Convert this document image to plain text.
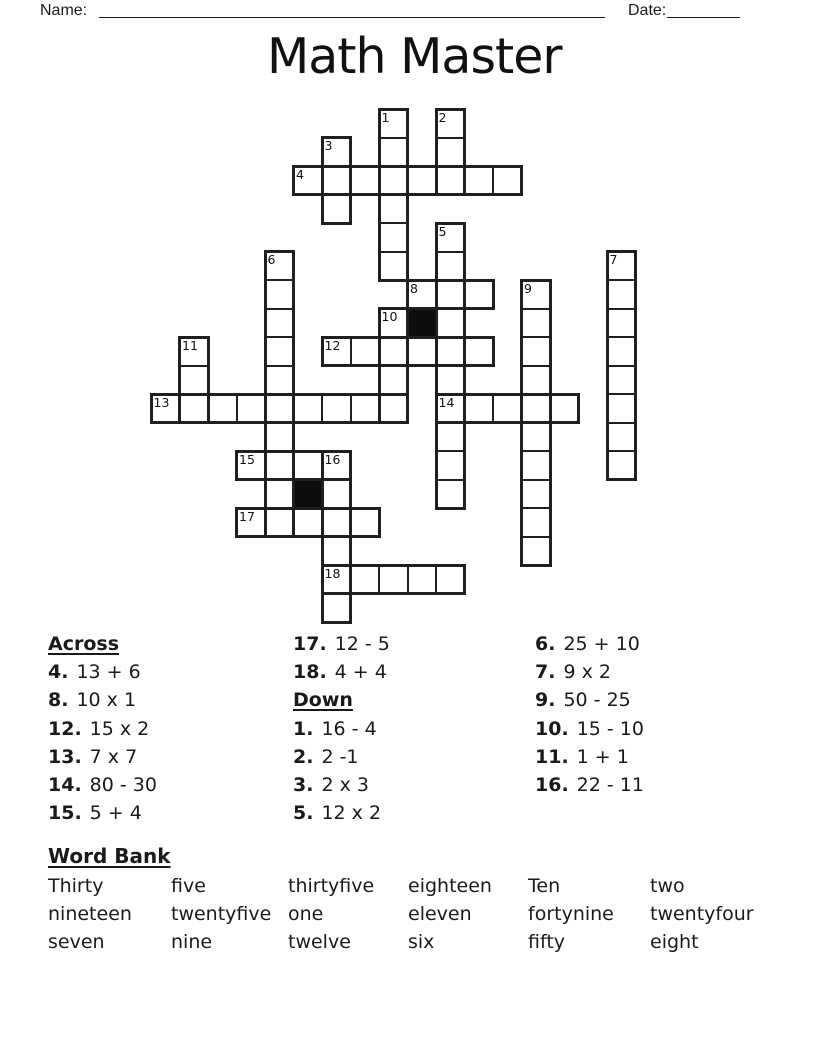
Name:	Date:
Math Master
1	2
3
4
5
6	7
8	9
10
11	12
13	14
15	16
17
18
Across
4. 13 + 6
8. 10 x 1
12. 15 x 2
13. 7 x 7
14. 80 - 30
15. 5 + 4
17. 12 - 5
18. 4 + 4
Down
1. 16 - 4
2. 2 -1
3. 2 x 3
5. 12 x 2
6. 25 + 10
7. 9 x 2
9. 50 - 25
10. 15 - 10
11. 1 + 1
16. 22 - 11
Word Bank
Thirty	five	thirtyfive	eighteen	Ten	two
nineteen	twentyfive one	eleven	fortynine	twentyfour
seven	nine	twelve	six	fifty	eight
